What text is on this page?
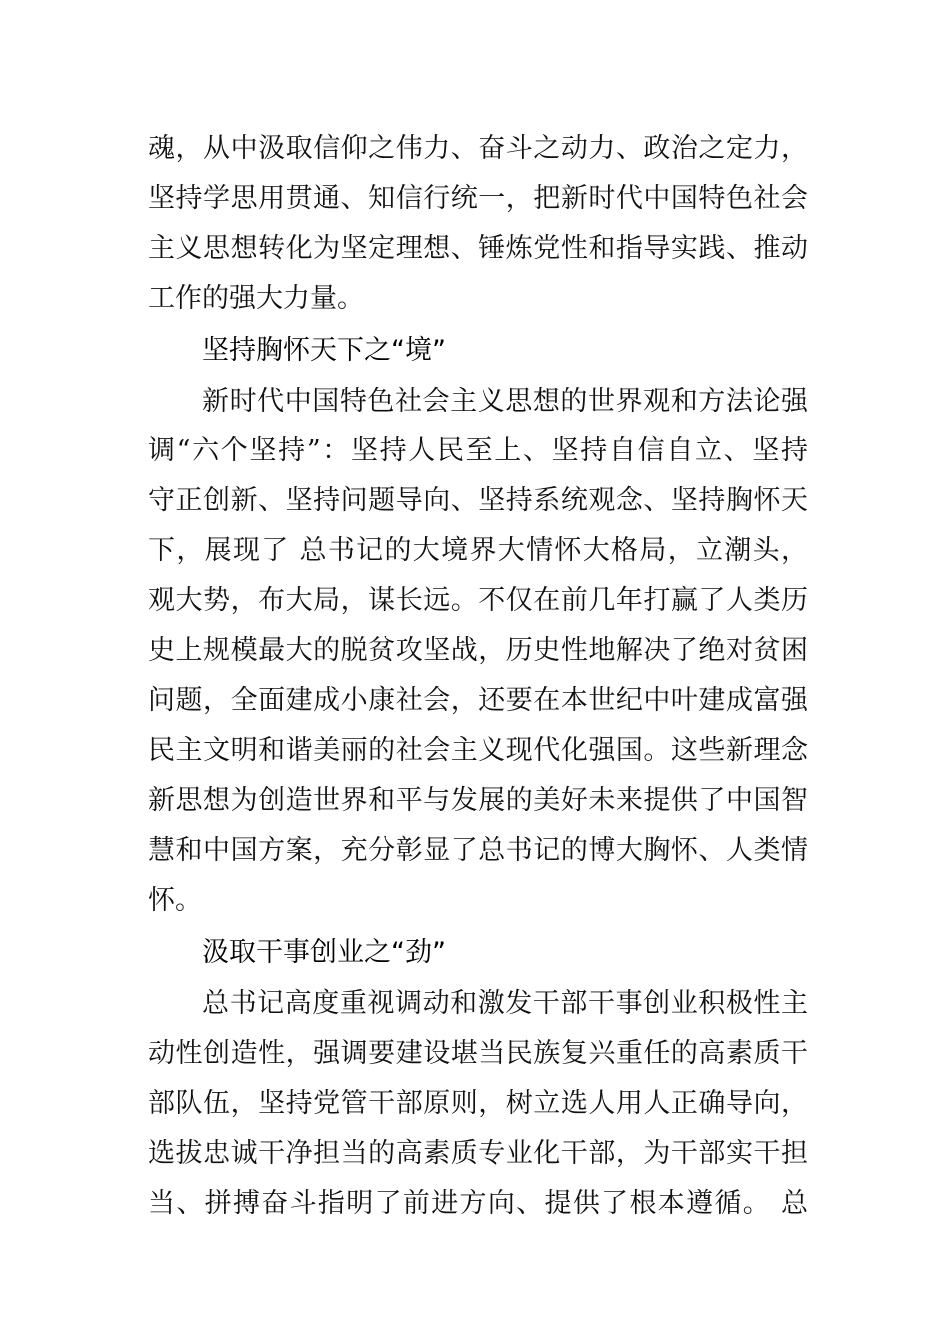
魂，从中汲取信仰之伟力、奋斗之动力、政治之定力，
坚持学思用贯通、知信行统一，把新时代中国特色社会
主义思想转化为坚定理想、锤炼党性和指导实践、推动
工作的强大力量。
坚持胸怀天下之“境”
新时代中国特色社会主义思想的世界观和方法论强
调“六个坚持”：坚持人民至上、坚持自信自立、坚持
守正创新、坚持问题导向、坚持系统观念、坚持胸怀天
下，展现了 总书记的大境界大情怀大格局，立潮头，
观大势，布大局，谋长远。不仅在前几年打赢了人类历
史上规模最大的脱贫攻坚战，历史性地解决了绝对贫困
问题，全面建成小康社会，还要在本世纪中叶建成富强
民主文明和谐美丽的社会主义现代化强国。这些新理念
新思想为创造世界和平与发展的美好未来提供了中国智
慧和中国方案，充分彰显了总书记的博大胸怀、人类情
怀。
汲取干事创业之“劲”
总书记高度重视调动和激发干部干事创业积极性主
动性创造性，强调要建设堪当民族复兴重任的高素质干
部队伍，坚持党管干部原则，树立选人用人正确导向，
选拔忠诚干净担当的高素质专业化干部，为干部实干担
当、拼搏奋斗指明了前进方向、提供了根本遵循。 总
